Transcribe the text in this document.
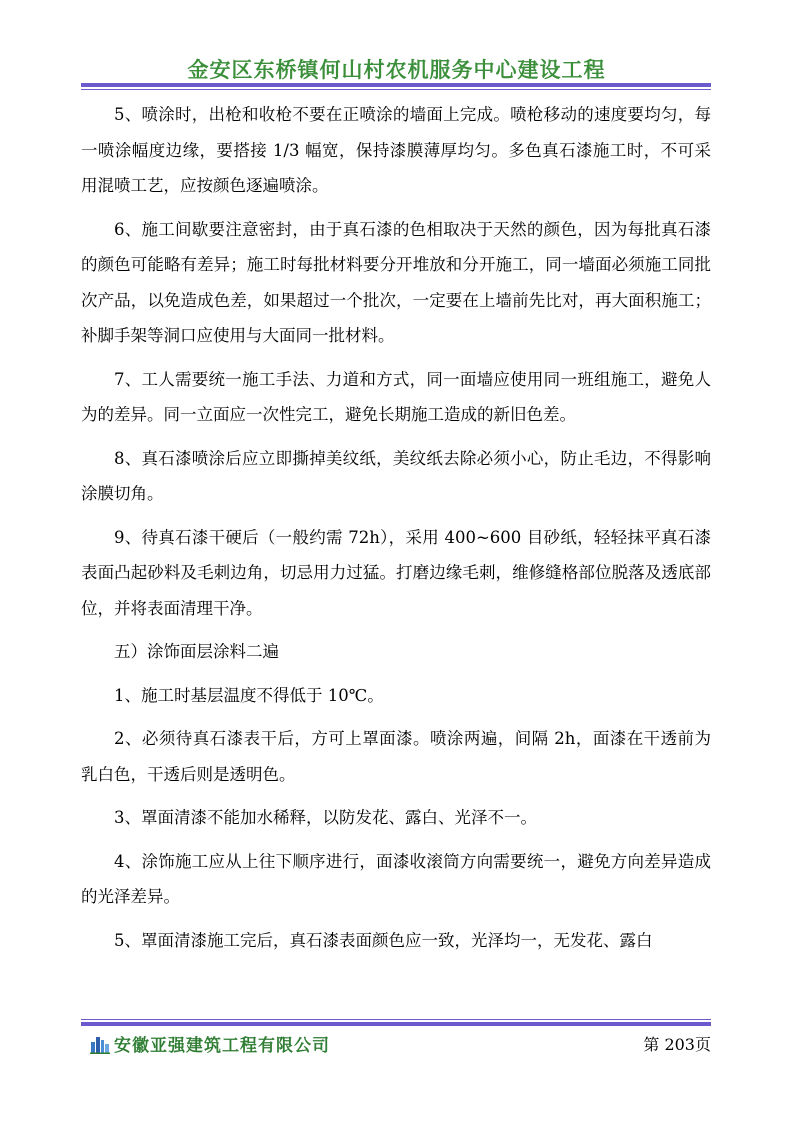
金安区东桥镇何山村农机服务中心建设工程

5、喷涂时，出枪和收枪不要在正喷涂的墙面上完成。喷枪移动的速度要均匀，每一喷涂幅度边缘，要搭接 1/3 幅宽，保持漆膜薄厚均匀。多色真石漆施工时，不可采用混喷工艺，应按颜色逐遍喷涂。

6、施工间歇要注意密封，由于真石漆的色相取决于天然的颜色，因为每批真石漆的颜色可能略有差异；施工时每批材料要分开堆放和分开施工，同一墙面必须施工同批次产品，以免造成色差，如果超过一个批次，一定要在上墙前先比对，再大面积施工；补脚手架等洞口应使用与大面同一批材料。

7、工人需要统一施工手法、力道和方式，同一面墙应使用同一班组施工，避免人为的差异。同一立面应一次性完工，避免长期施工造成的新旧色差。

8、真石漆喷涂后应立即撕掉美纹纸，美纹纸去除必须小心，防止毛边，不得影响涂膜切角。

9、待真石漆干硬后（一般约需 72h），采用 400~600 目砂纸，轻轻抹平真石漆表面凸起砂料及毛刺边角，切忌用力过猛。打磨边缘毛刺，维修缝格部位脱落及透底部位，并将表面清理干净。

五）涂饰面层涂料二遍

1、施工时基层温度不得低于 10℃。

2、必须待真石漆表干后，方可上罩面漆。喷涂两遍，间隔 2h，面漆在干透前为乳白色，干透后则是透明色。

3、罩面清漆不能加水稀释，以防发花、露白、光泽不一。

4、涂饰施工应从上往下顺序进行，面漆收滚筒方向需要统一，避免方向差异造成的光泽差异。

5、罩面清漆施工完后，真石漆表面颜色应一致，光泽均一，无发花、露白

安徽亚强建筑工程有限公司	第 203页
